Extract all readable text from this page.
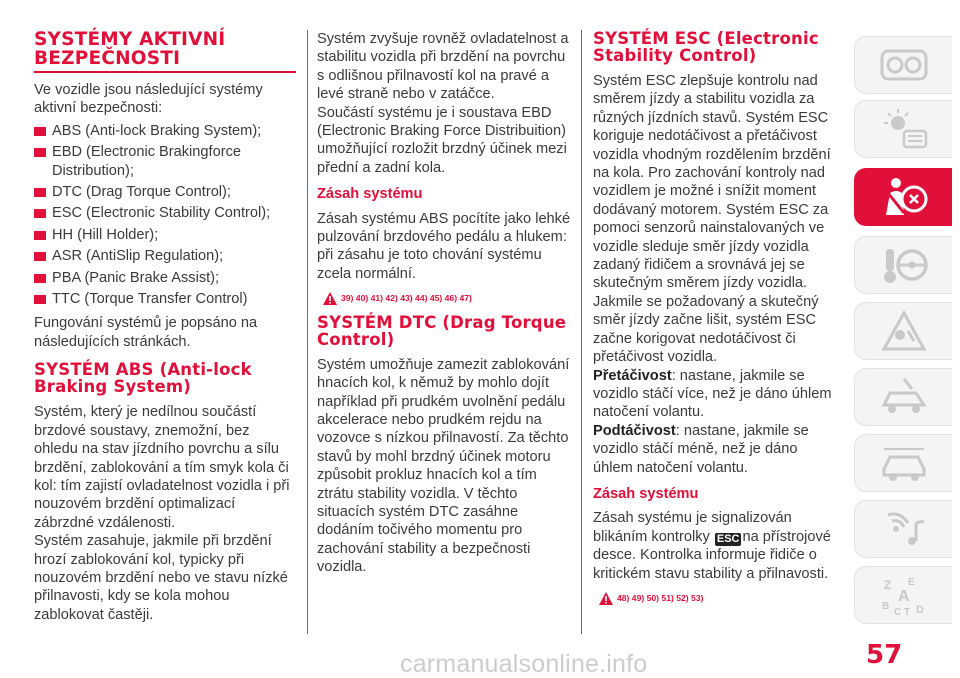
SYSTÉMY AKTIVNÍ BEZPEČNOSTI

Ve vozidle jsou následující systémy aktivní bezpečnosti:

ABS (Anti-lock Braking System);
EBD (Electronic Brakingforce Distribution);
DTC (Drag Torque Control);
ESC (Electronic Stability Control);
HH (Hill Holder);
ASR (AntiSlip Regulation);
PBA (Panic Brake Assist);
TTC (Torque Transfer Control)

Fungování systémů je popsáno na následujících stránkách.

SYSTÉM ABS (Anti-lock Braking System)

Systém, který je nedílnou součástí brzdové soustavy, znemožní, bez ohledu na stav jízdního povrchu a sílu brzdění, zablokování a tím smyk kola či kol: tím zajistí ovladatelnost vozidla i při nouzovém brzdění optimalizací zábrzdné vzdálenosti.

Systém zasahuje, jakmile při brzdění hrozí zablokování kol, typicky při nouzovém brzdění nebo ve stavu nízké přilnavosti, kdy se kola mohou zablokovat častěji.

Systém zvyšuje rovněž ovladatelnost a stabilitu vozidla při brzdění na povrchu s odlišnou přilnavostí kol na pravé a levé straně nebo v zatáčce.

Součástí systému je i soustava EBD (Electronic Braking Force Distribuition) umožňující rozložit brzdný účinek mezi přední a zadní kola.

Zásah systému

Zásah systému ABS pocítíte jako lehké pulzování brzdového pedálu a hlukem: při zásahu je toto chování systému zcela normální.

39) 40) 41) 42) 43) 44) 45) 46) 47)
SYSTÉM DTC (Drag Torque Control)

Systém umožňuje zamezit zablokování hnacích kol, k němuž by mohlo dojít například při prudkém uvolnění pedálu akcelerace nebo prudkém rejdu na vozovce s nízkou přilnavostí. Za těchto stavů by mohl brzdný účinek motoru způsobit prokluz hnacích kol a tím ztrátu stability vozidla. V těchto situacích systém DTC zasáhne dodáním točivého momentu pro zachování stability a bezpečnosti vozidla.

SYSTÉM ESC (Electronic Stability Control)

Systém ESC zlepšuje kontrolu nad směrem jízdy a stabilitu vozidla za různých jízdních stavů. Systém ESC koriguje nedotáčivost a přetáčivost vozidla vhodným rozdělením brzdění na kola. Pro zachování kontroly nad vozidlem je možné i snížit moment dodávaný motorem. Systém ESC za pomoci senzorů nainstalovaných ve vozidle sleduje směr jízdy vozidla zadaný řidičem a srovnává jej se skutečným směrem jízdy vozidla. Jakmile se požadovaný a skutečný směr jízdy začne lišit, systém ESC začne korigovat nedotáčivost či přetáčivost vozidla.

Přetáčivost: nastane, jakmile se vozidlo stáčí více, než je dáno úhlem natočení volantu.

Podtáčivost: nastane, jakmile se vozidlo stáčí méně, než je dáno úhlem natočení volantu.

Zásah systému

Zásah systému je signalizován blikáním kontrolky ESC na přístrojové desce. Kontrolka informuje řidiče o kritickém stavu stability a přilnavosti.

48) 49) 50) 51) 52) 53)
Z E
A
B
C T D
57
carmanualsonline.info
